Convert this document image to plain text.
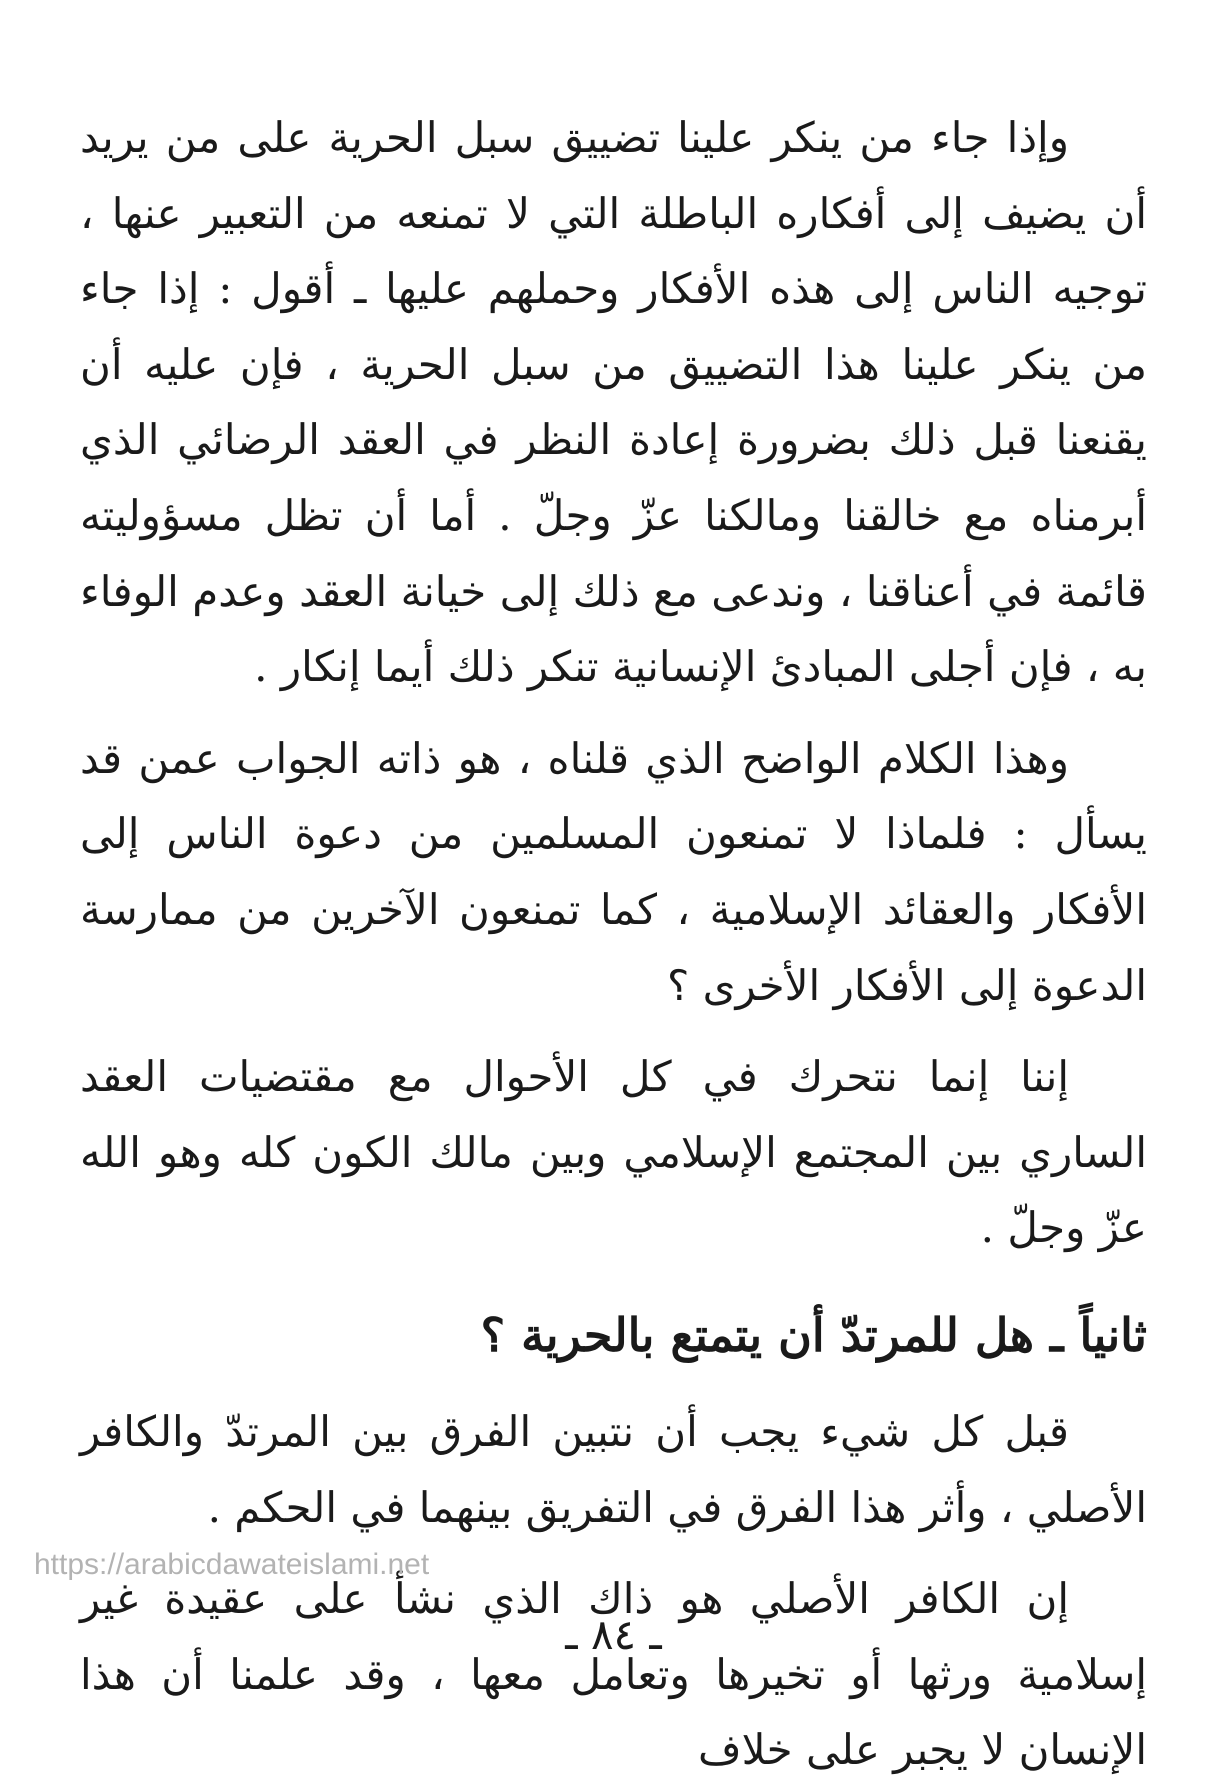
وإذا جاء من ينكر علينا تضييق سبل الحرية على من يريد أن يضيف إلى أفكاره الباطلة التي لا تمنعه من التعبير عنها ، توجيه الناس إلى هذه الأفكار وحملهم عليها ـ أقول : إذا جاء من ينكر علينا هذا التضييق من سبل الحرية ، فإن عليه أن يقنعنا قبل ذلك بضرورة إعادة النظر في العقد الرضائي الذي أبرمناه مع خالقنا ومالكنا عزّ وجلّ . أما أن تظل مسؤوليته قائمة في أعناقنا ، وندعى مع ذلك إلى خيانة العقد وعدم الوفاء به ، فإن أجلى المبادئ الإنسانية تنكر ذلك أيما إنكار .

وهذا الكلام الواضح الذي قلناه ، هو ذاته الجواب عمن قد يسأل : فلماذا لا تمنعون المسلمين من دعوة الناس إلى الأفكار والعقائد الإسلامية ، كما تمنعون الآخرين من ممارسة الدعوة إلى الأفكار الأخرى ؟

إننا إنما نتحرك في كل الأحوال مع مقتضيات العقد الساري بين المجتمع الإسلامي وبين مالك الكون كله وهو الله عزّ وجلّ .

ثانياً ـ هل للمرتدّ أن يتمتع بالحرية ؟

قبل كل شيء يجب أن نتبين الفرق بين المرتدّ والكافر الأصلي ، وأثر هذا الفرق في التفريق بينهما في الحكم .

إن الكافر الأصلي هو ذاك الذي نشأ على عقيدة غير إسلامية ورثها أو تخيرها وتعامل معها ، وقد علمنا أن هذا الإنسان لا يجبر على خلاف

https://arabicdawateislami.net
ـ ٨٤ ـ
